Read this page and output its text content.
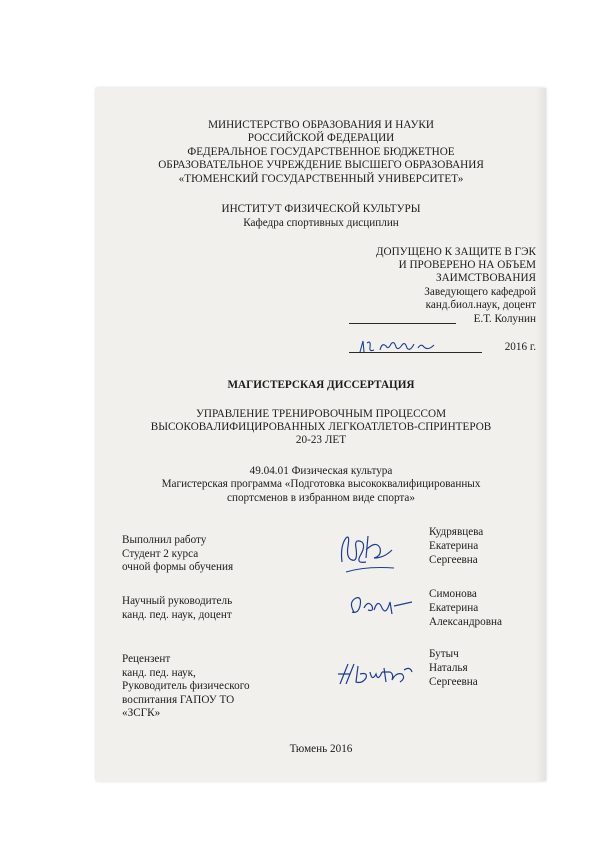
МИНИСТЕРСТВО ОБРАЗОВАНИЯ И НАУКИ
РОССИЙСКОЙ ФЕДЕРАЦИИ
ФЕДЕРАЛЬНОЕ ГОСУДАРСТВЕННОЕ БЮДЖЕТНОЕ
ОБРАЗОВАТЕЛЬНОЕ УЧРЕЖДЕНИЕ ВЫСШЕГО ОБРАЗОВАНИЯ
«ТЮМЕНСКИЙ ГОСУДАРСТВЕННЫЙ УНИВЕРСИТЕТ»
ИНСТИТУТ ФИЗИЧЕСКОЙ КУЛЬТУРЫ
Кафедра спортивных дисциплин
ДОПУЩЕНО К ЗАЩИТЕ В ГЭК
И ПРОВЕРЕНО НА ОБЪЕМ
ЗАИМСТВОВАНИЯ
Заведующего кафедрой
канд.биол.наук, доцент
Е.Т. Колунин
2016 г.
МАГИСТЕРСКАЯ ДИССЕРТАЦИЯ
УПРАВЛЕНИЕ ТРЕНИРОВОЧНЫМ ПРОЦЕССОМ
ВЫСОКОВАЛИФИЦИРОВАННЫХ ЛЕГКОАТЛЕТОВ-СПРИНТЕРОВ
20-23 ЛЕТ
49.04.01 Физическая культура
Магистерская программа «Подготовка высококвалифицированных
спортсменов в избранном виде спорта»
Выполнил работу
Студент 2 курса
очной формы обучения
Кудрявцева
Екатерина
Сергеевна
Научный руководитель
канд. пед. наук, доцент
Симонова
Екатерина
Александровна
Рецензент
канд. пед. наук,
Руководитель физического
воспитания ГАПОУ ТО
«ЗСГК»
Бутыч
Наталья
Сергеевна
Тюмень 2016
